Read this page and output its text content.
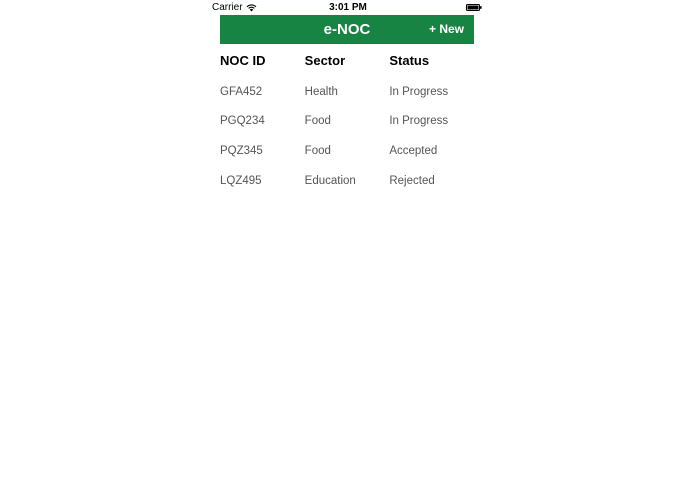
Carrier	3:01 PM
e-NOC	+ New
NOC ID	Sector	Status
GFA452	Health	In Progress
PGQ234	Food	In Progress
PQZ345	Food	Accepted
LQZ495	Education	Rejected
